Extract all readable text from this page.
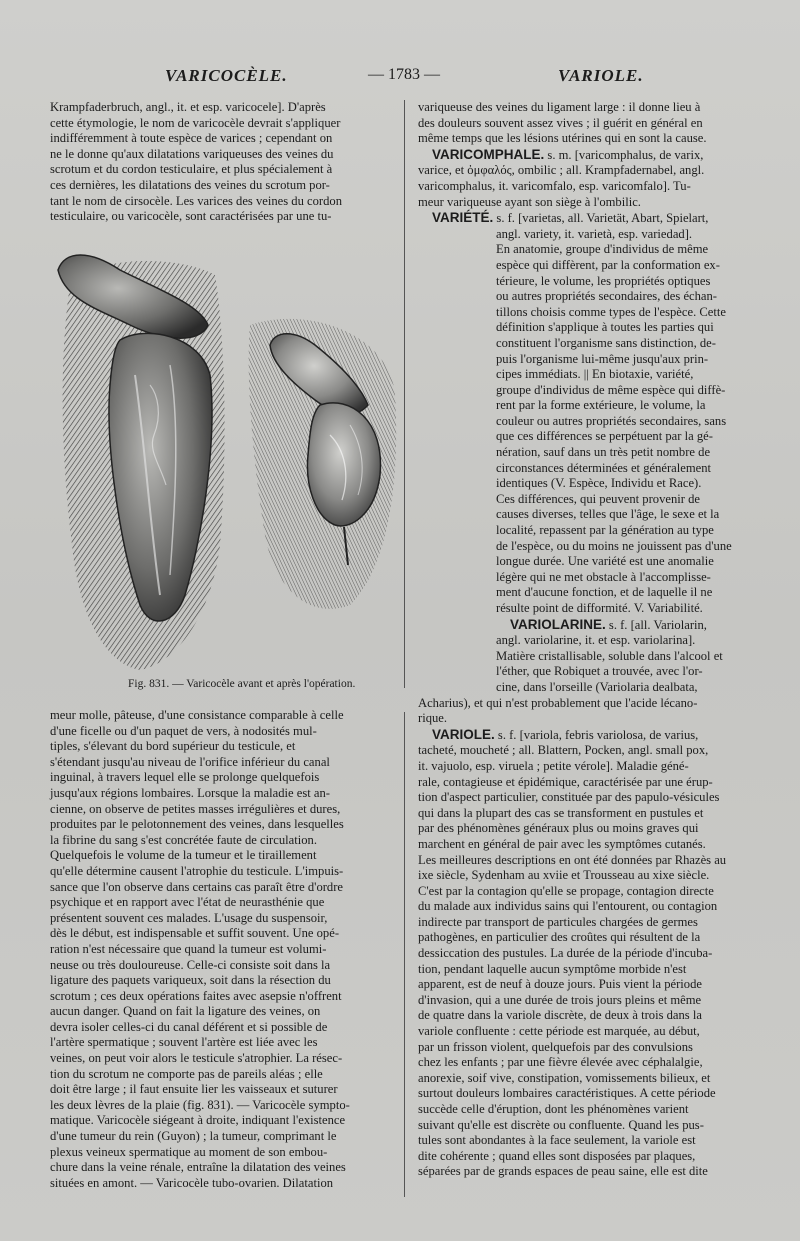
VARICOCÈLE.	— 1783 —	VARIOLE.
Krampfaderbruch, angl., it. et esp. varicocele]. D'après
cette étymologie, le nom de varicocèle devrait s'appliquer
indifféremment à toute espèce de varices ; cependant on
ne le donne qu'aux dilatations variqueuses des veines du
scrotum et du cordon testiculaire, et plus spécialement à
ces dernières, les dilatations des veines du scrotum por-
tant le nom de cirsocèle. Les varices des veines du cordon
testiculaire, ou varicocèle, sont caractérisées par une tu-
Fig. 831. — Varicocèle avant et après l'opération.
meur molle, pâteuse, d'une consistance comparable à celle
d'une ficelle ou d'un paquet de vers, à nodosités mul-
tiples, s'élevant du bord supérieur du testicule, et
s'étendant jusqu'au niveau de l'orifice inférieur du canal
inguinal, à travers lequel elle se prolonge quelquefois
jusqu'aux régions lombaires. Lorsque la maladie est an-
cienne, on observe de petites masses irrégulières et dures,
produites par le pelotonnement des veines, dans lesquelles
la fibrine du sang s'est concrétée faute de circulation.
Quelquefois le volume de la tumeur et le tiraillement
qu'elle détermine causent l'atrophie du testicule. L'impuis-
sance que l'on observe dans certains cas paraît être d'ordre
psychique et en rapport avec l'état de neurasthénie que
présentent souvent ces malades. L'usage du suspensoir,
dès le début, est indispensable et suffit souvent. Une opé-
ration n'est nécessaire que quand la tumeur est volumi-
neuse ou très douloureuse. Celle-ci consiste soit dans la
ligature des paquets variqueux, soit dans la résection du
scrotum ; ces deux opérations faites avec asepsie n'offrent
aucun danger. Quand on fait la ligature des veines, on
devra isoler celles-ci du canal déférent et si possible de
l'artère spermatique ; souvent l'artère est liée avec les
veines, on peut voir alors le testicule s'atrophier. La résec-
tion du scrotum ne comporte pas de pareils aléas ; elle
doit être large ; il faut ensuite lier les vaisseaux et suturer
les deux lèvres de la plaie (fig. 831). — Varicocèle sympto-
matique. Varicocèle siégeant à droite, indiquant l'existence
d'une tumeur du rein (Guyon) ; la tumeur, comprimant le
plexus veineux spermatique au moment de son embou-
chure dans la veine rénale, entraîne la dilatation des veines
situées en amont. — Varicocèle tubo-ovarien. Dilatation
variqueuse des veines du ligament large : il donne lieu à
des douleurs souvent assez vives ; il guérit en général en
même temps que les lésions utérines qui en sont la cause.
VARICOMPHALE. s. m. [varicomphalus, de varix,
varice, et ὀμφαλός, ombilic ; all. Krampfadernabel, angl.
varicomphalus, it. varicomfalo, esp. varicomfalo]. Tu-
meur variqueuse ayant son siège à l'ombilic.
VARIÉTÉ. s. f. [varietas, all. Varietät, Abart, Spielart,
angl. variety, it. varietà, esp. variedad].
En anatomie, groupe d'individus de même
espèce qui diffèrent, par la conformation ex-
térieure, le volume, les propriétés optiques
ou autres propriétés secondaires, des échan-
tillons choisis comme types de l'espèce. Cette
définition s'applique à toutes les parties qui
constituent l'organisme sans distinction, de-
puis l'organisme lui-même jusqu'aux prin-
cipes immédiats. || En biotaxie, variété,
groupe d'individus de même espèce qui diffè-
rent par la forme extérieure, le volume, la
couleur ou autres propriétés secondaires, sans
que ces différences se perpétuent par la gé-
nération, sauf dans un très petit nombre de
circonstances déterminées et généralement
identiques (V. Espèce, Individu et Race).
Ces différences, qui peuvent provenir de
causes diverses, telles que l'âge, le sexe et la
localité, repassent par la génération au type
de l'espèce, ou du moins ne jouissent pas d'une
longue durée. Une variété est une anomalie
légère qui ne met obstacle à l'accomplisse-
ment d'aucune fonction, et de laquelle il ne
résulte point de difformité. V. Variabilité.
VARIOLARINE. s. f. [all. Variolarin,
angl. variolarine, it. et esp. variolarina].
Matière cristallisable, soluble dans l'alcool et
l'éther, que Robiquet a trouvée, avec l'or-
cine, dans l'orseille (Variolaria dealbata,
Acharius), et qui n'est probablement que l'acide lécano-
rique.
VARIOLE. s. f. [variola, febris variolosa, de varius,
tacheté, moucheté ; all. Blattern, Pocken, angl. small pox,
it. vajuolo, esp. viruela ; petite vérole]. Maladie géné-
rale, contagieuse et épidémique, caractérisée par une érup-
tion d'aspect particulier, constituée par des papulo-vésicules
qui dans la plupart des cas se transforment en pustules et
par des phénomènes généraux plus ou moins graves qui
marchent en général de pair avec les symptômes cutanés.
Les meilleures descriptions en ont été données par Rhazès au
ixe siècle, Sydenham au xviie et Trousseau au xixe siècle.
C'est par la contagion qu'elle se propage, contagion directe
du malade aux individus sains qui l'entourent, ou contagion
indirecte par transport de particules chargées de germes
pathogènes, en particulier des croûtes qui résultent de la
dessiccation des pustules. La durée de la période d'incuba-
tion, pendant laquelle aucun symptôme morbide n'est
apparent, est de neuf à douze jours. Puis vient la période
d'invasion, qui a une durée de trois jours pleins et même
de quatre dans la variole discrète, de deux à trois dans la
variole confluente : cette période est marquée, au début,
par un frisson violent, quelquefois par des convulsions
chez les enfants ; par une fièvre élevée avec céphalalgie,
anorexie, soif vive, constipation, vomissements bilieux, et
surtout douleurs lombaires caractéristiques. A cette période
succède celle d'éruption, dont les phénomènes varient
suivant qu'elle est discrète ou confluente. Quand les pus-
tules sont abondantes à la face seulement, la variole est
dite cohérente ; quand elles sont disposées par plaques,
séparées par de grands espaces de peau saine, elle est dite
